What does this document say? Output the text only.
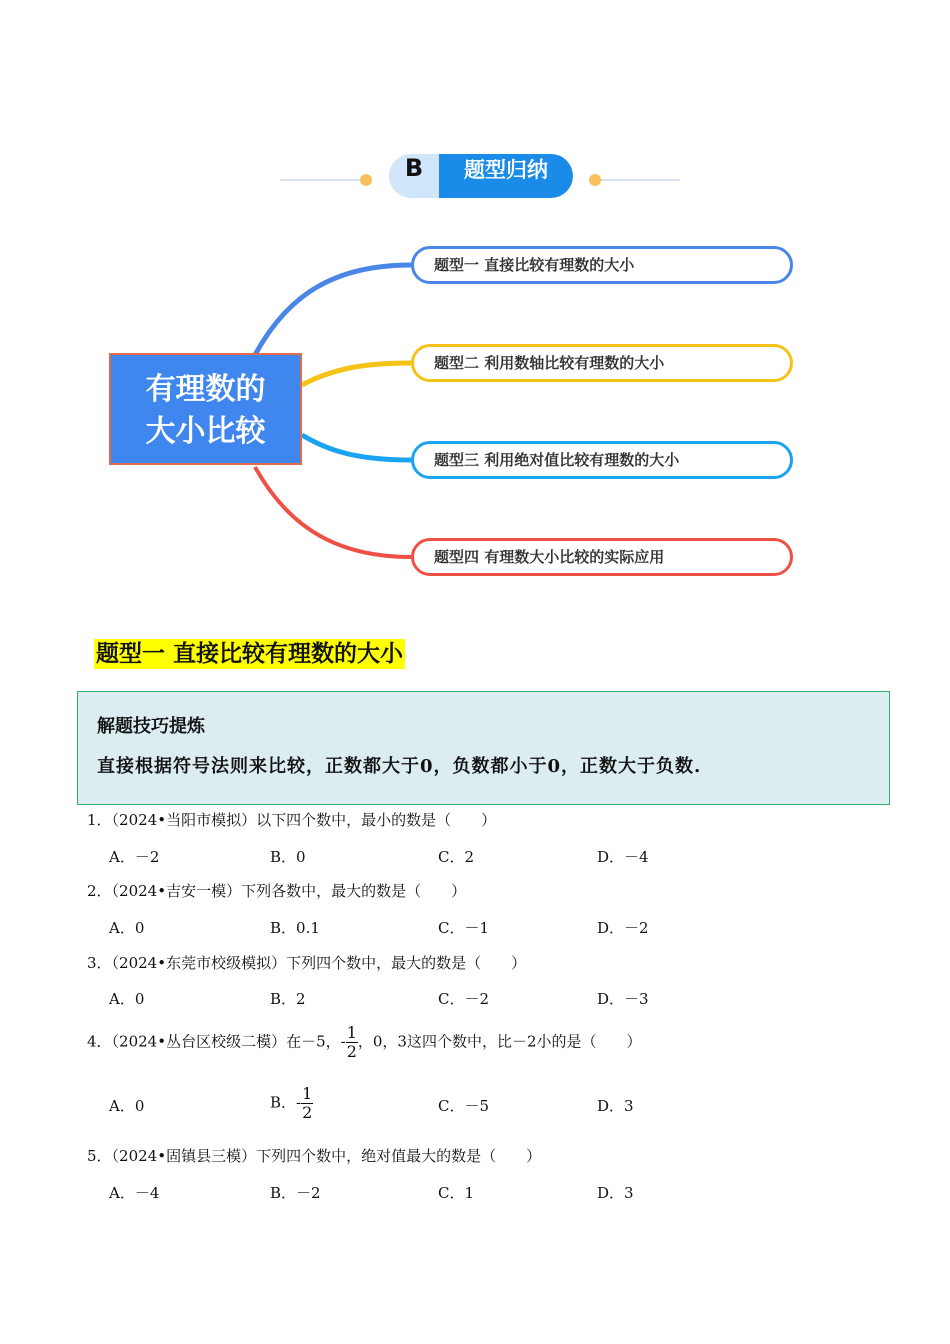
B	题型归纳
有理数的
大小比较
题型一 直接比较有理数的大小
题型二 利用数轴比较有理数的大小
题型三 利用绝对值比较有理数的大小
题型四 有理数大小比较的实际应用
题型一 直接比较有理数的大小
解题技巧提炼
直接根据符号法则来比较，正数都大于0，负数都小于0，正数大于负数.
1．（2024•当阳市模拟）以下四个数中，最小的数是（　　）
A．－2	B．0	C．2	D．－4
2．（2024•吉安一模）下列各数中，最大的数是（　　）
A．0	B．0.1	C．－1	D．－2
3．（2024•东莞市校级模拟）下列四个数中，最大的数是（　　）
A．0	B．2	C．－2	D．－3
4．（2024•丛台区校级二模）在－5，- $\frac{1}{2}$ ，0，3这四个数中，比－2小的是（　　）
A．0	B．- $\frac{1}{2}$	C．－5	D．3
5．（2024•固镇县三模）下列四个数中，绝对值最大的数是（　　）
A．－4	B．－2	C．1	D．3
